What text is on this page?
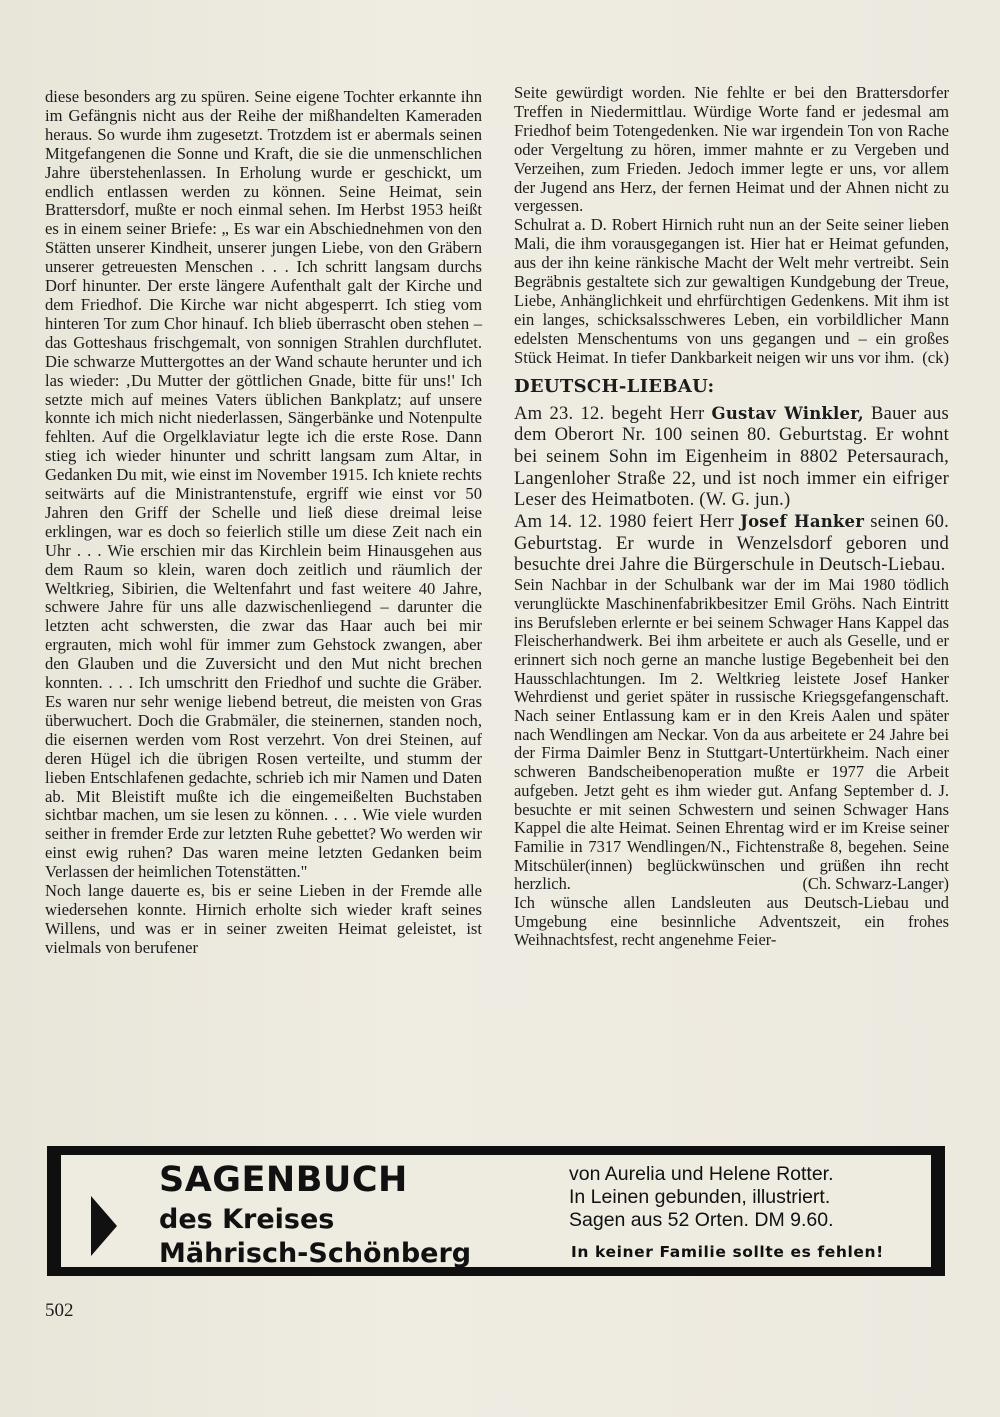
diese besonders arg zu spüren. Seine eigene Tochter erkannte ihn im Gefängnis nicht aus der Reihe der mißhandelten Kameraden heraus. So wurde ihm zugesetzt. Trotzdem ist er abermals seinen Mitgefangenen die Sonne und Kraft, die sie die unmenschlichen Jahre überstehenlassen. In Erholung wurde er geschickt, um endlich entlassen werden zu können. Seine Heimat, sein Brattersdorf, mußte er noch einmal sehen. Im Herbst 1953 heißt es in einem seiner Briefe: „ Es war ein Abschiednehmen von den Stätten unserer Kindheit, unserer jungen Liebe, von den Gräbern unserer getreuesten Menschen . . . Ich schritt langsam durchs Dorf hinunter. Der erste längere Aufenthalt galt der Kirche und dem Friedhof. Die Kirche war nicht abgesperrt. Ich stieg vom hinteren Tor zum Chor hinauf. Ich blieb überrascht oben stehen – das Gotteshaus frischgemalt, von sonnigen Strahlen durchflutet. Die schwarze Muttergottes an der Wand schaute herunter und ich las wieder: ‚Du Mutter der göttlichen Gnade, bitte für uns!' Ich setzte mich auf meines Vaters üblichen Bankplatz; auf unsere konnte ich mich nicht niederlassen, Sängerbänke und Notenpulte fehlten. Auf die Orgelklaviatur legte ich die erste Rose. Dann stieg ich wieder hinunter und schritt langsam zum Altar, in Gedanken Du mit, wie einst im November 1915. Ich kniete rechts seitwärts auf die Ministrantenstufe, ergriff wie einst vor 50 Jahren den Griff der Schelle und ließ diese dreimal leise erklingen, war es doch so feierlich stille um diese Zeit nach ein Uhr . . . Wie erschien mir das Kirchlein beim Hinausgehen aus dem Raum so klein, waren doch zeitlich und räumlich der Weltkrieg, Sibirien, die Weltenfahrt und fast weitere 40 Jahre, schwere Jahre für uns alle dazwischenliegend – darunter die letzten acht schwersten, die zwar das Haar auch bei mir ergrauten, mich wohl für immer zum Gehstock zwangen, aber den Glauben und die Zuversicht und den Mut nicht brechen konnten. . . . Ich umschritt den Friedhof und suchte die Gräber. Es waren nur sehr wenige liebend betreut, die meisten von Gras überwuchert. Doch die Grabmäler, die steinernen, standen noch, die eisernen werden vom Rost verzehrt. Von drei Steinen, auf deren Hügel ich die übrigen Rosen verteilte, und stumm der lieben Entschlafenen gedachte, schrieb ich mir Namen und Daten ab. Mit Bleistift mußte ich die eingemeißelten Buchstaben sichtbar machen, um sie lesen zu können. . . . Wie viele wurden seither in fremder Erde zur letzten Ruhe gebettet? Wo werden wir einst ewig ruhen? Das waren meine letzten Gedanken beim Verlassen der heimlichen Totenstätten."

Noch lange dauerte es, bis er seine Lieben in der Fremde alle wiedersehen konnte. Hirnich erholte sich wieder kraft seines Willens, und was er in seiner zweiten Heimat geleistet, ist vielmals von berufener

Seite gewürdigt worden. Nie fehlte er bei den Brattersdorfer Treffen in Niedermittlau. Würdige Worte fand er jedesmal am Friedhof beim Totengedenken. Nie war irgendein Ton von Rache oder Vergeltung zu hören, immer mahnte er zu Vergeben und Verzeihen, zum Frieden. Jedoch immer legte er uns, vor allem der Jugend ans Herz, der fernen Heimat und der Ahnen nicht zu vergessen.

Schulrat a. D. Robert Hirnich ruht nun an der Seite seiner lieben Mali, die ihm vorausgegangen ist. Hier hat er Heimat gefunden, aus der ihn keine ränkische Macht der Welt mehr vertreibt. Sein Begräbnis gestaltete sich zur gewaltigen Kundgebung der Treue, Liebe, Anhänglichkeit und ehrfürchtigen Gedenkens. Mit ihm ist ein langes, schicksalsschweres Leben, ein vorbildlicher Mann edelsten Menschentums von uns gegangen und – ein großes Stück Heimat. In tiefer Dankbarkeit neigen wir uns vor ihm. (ck)

DEUTSCH-LIEBAU:

Am 23. 12. begeht Herr Gustav Winkler, Bauer aus dem Oberort Nr. 100 seinen 80. Geburtstag. Er wohnt bei seinem Sohn im Eigenheim in 8802 Petersaurach, Langenloher Straße 22, und ist noch immer ein eifriger Leser des Heimatboten. (W. G. jun.)

Am 14. 12. 1980 feiert Herr Josef Hanker seinen 60. Geburtstag. Er wurde in Wenzelsdorf geboren und besuchte drei Jahre die Bürgerschule in Deutsch-Liebau.

Sein Nachbar in der Schulbank war der im Mai 1980 tödlich verunglückte Maschinenfabrikbesitzer Emil Gröhs. Nach Eintritt ins Berufsleben erlernte er bei seinem Schwager Hans Kappel das Fleischerhandwerk. Bei ihm arbeitete er auch als Geselle, und er erinnert sich noch gerne an manche lustige Begebenheit bei den Hausschlachtungen. Im 2. Weltkrieg leistete Josef Hanker Wehrdienst und geriet später in russische Kriegsgefangenschaft. Nach seiner Entlassung kam er in den Kreis Aalen und später nach Wendlingen am Neckar. Von da aus arbeitete er 24 Jahre bei der Firma Daimler Benz in Stuttgart-Untertürkheim. Nach einer schweren Bandscheibenoperation mußte er 1977 die Arbeit aufgeben. Jetzt geht es ihm wieder gut. Anfang September d. J. besuchte er mit seinen Schwestern und seinen Schwager Hans Kappel die alte Heimat. Seinen Ehrentag wird er im Kreise seiner Familie in 7317 Wendlingen/N., Fichtenstraße 8, begehen. Seine Mitschüler(innen) beglückwünschen und grüßen ihn recht herzlich.	(Ch. Schwarz-Langer)

Ich wünsche allen Landsleuten aus Deutsch-Liebau und Umgebung eine besinnliche Adventszeit, ein frohes Weihnachtsfest, recht angenehme Feier-

SAGENBUCH
des Kreises
Mährisch-Schönberg
von Aurelia und Helene Rotter.
In Leinen gebunden, illustriert.
Sagen aus 52 Orten. DM 9.60.
In keiner Familie sollte es fehlen!
502
